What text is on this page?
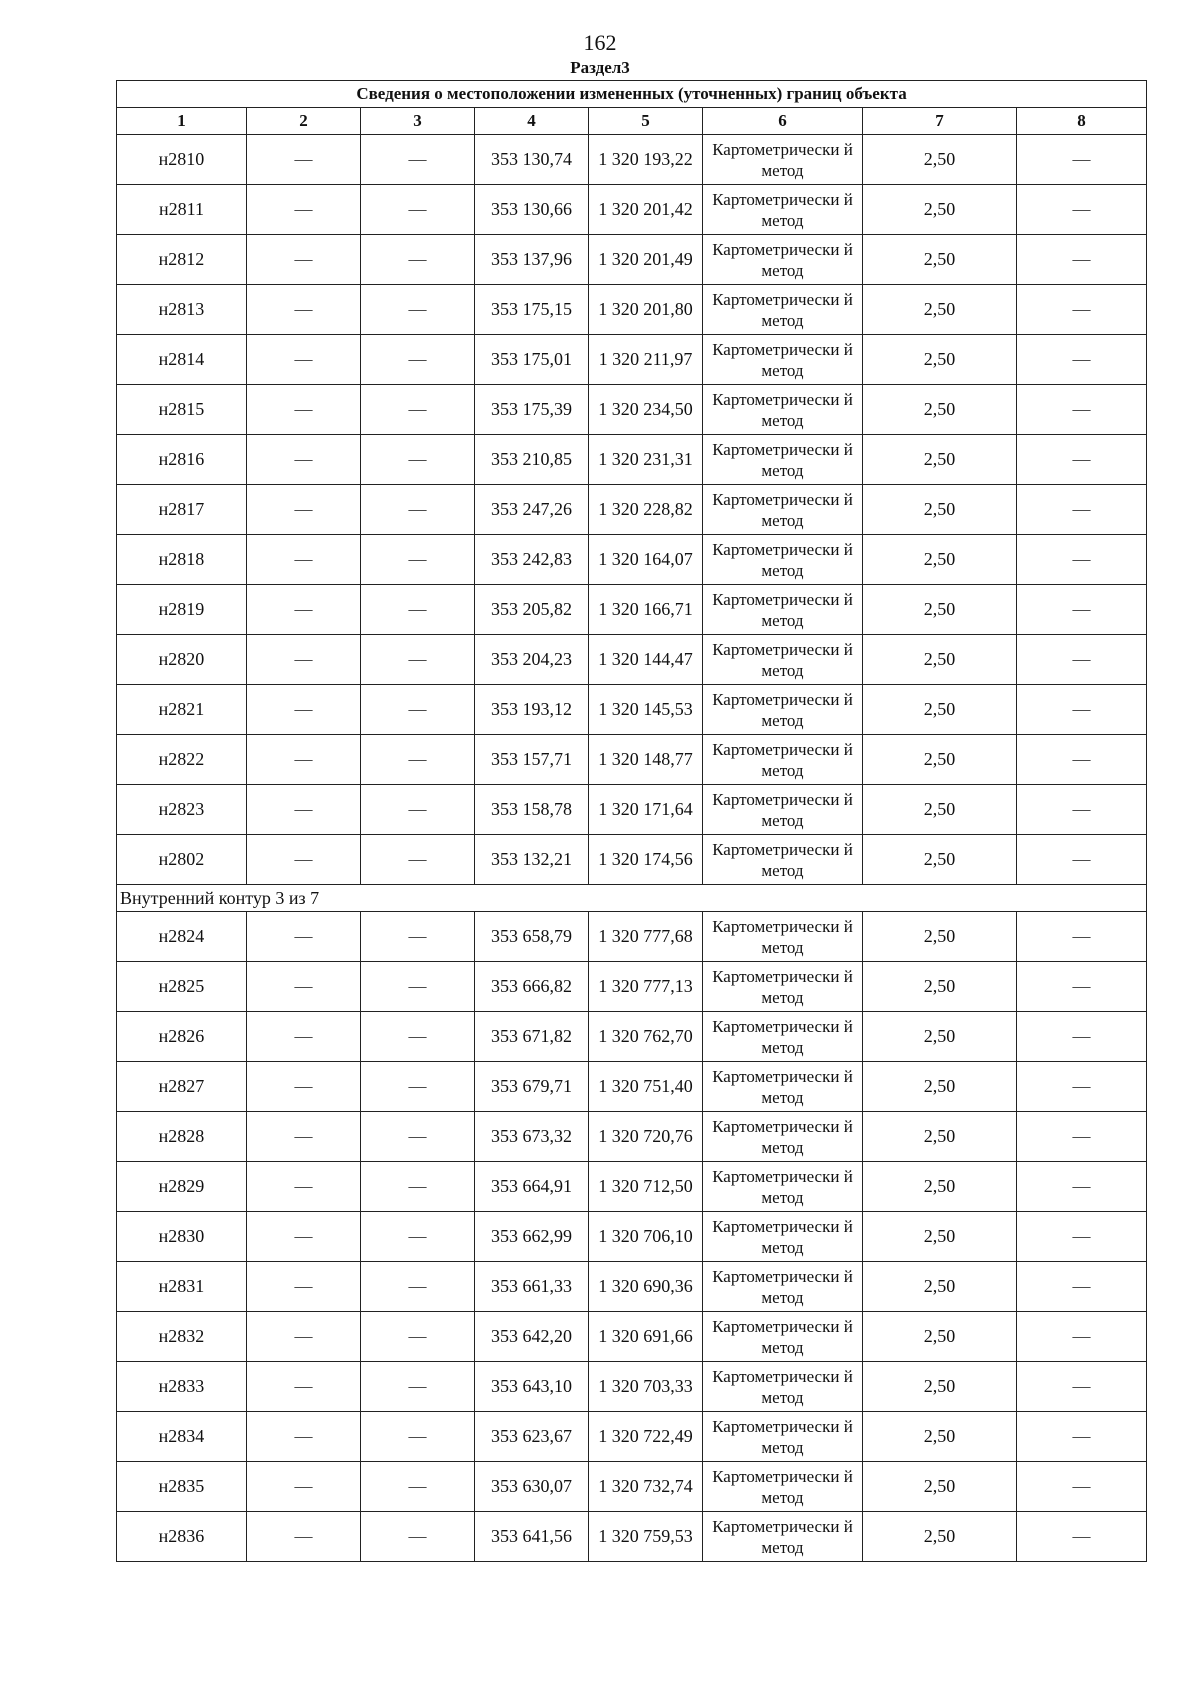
162
Раздел3
Сведения о местоположении измененных (уточненных) границ объекта							
1	2	3	4	5	6	7	8
н2810	—	—	353 130,74	1 320 193,22	Картометрически й метод	2,50	—
н2811	—	—	353 130,66	1 320 201,42	Картометрически й метод	2,50	—
н2812	—	—	353 137,96	1 320 201,49	Картометрически й метод	2,50	—
н2813	—	—	353 175,15	1 320 201,80	Картометрически й метод	2,50	—
н2814	—	—	353 175,01	1 320 211,97	Картометрически й метод	2,50	—
н2815	—	—	353 175,39	1 320 234,50	Картометрически й метод	2,50	—
н2816	—	—	353 210,85	1 320 231,31	Картометрически й метод	2,50	—
н2817	—	—	353 247,26	1 320 228,82	Картометрически й метод	2,50	—
н2818	—	—	353 242,83	1 320 164,07	Картометрически й метод	2,50	—
н2819	—	—	353 205,82	1 320 166,71	Картометрически й метод	2,50	—
н2820	—	—	353 204,23	1 320 144,47	Картометрически й метод	2,50	—
н2821	—	—	353 193,12	1 320 145,53	Картометрически й метод	2,50	—
н2822	—	—	353 157,71	1 320 148,77	Картометрически й метод	2,50	—
н2823	—	—	353 158,78	1 320 171,64	Картометрически й метод	2,50	—
н2802	—	—	353 132,21	1 320 174,56	Картометрически й метод	2,50	—
Внутренний контур 3 из 7							
н2824	—	—	353 658,79	1 320 777,68	Картометрически й метод	2,50	—
н2825	—	—	353 666,82	1 320 777,13	Картометрически й метод	2,50	—
н2826	—	—	353 671,82	1 320 762,70	Картометрически й метод	2,50	—
н2827	—	—	353 679,71	1 320 751,40	Картометрически й метод	2,50	—
н2828	—	—	353 673,32	1 320 720,76	Картометрически й метод	2,50	—
н2829	—	—	353 664,91	1 320 712,50	Картометрически й метод	2,50	—
н2830	—	—	353 662,99	1 320 706,10	Картометрически й метод	2,50	—
н2831	—	—	353 661,33	1 320 690,36	Картометрически й метод	2,50	—
н2832	—	—	353 642,20	1 320 691,66	Картометрически й метод	2,50	—
н2833	—	—	353 643,10	1 320 703,33	Картометрически й метод	2,50	—
н2834	—	—	353 623,67	1 320 722,49	Картометрически й метод	2,50	—
н2835	—	—	353 630,07	1 320 732,74	Картометрически й метод	2,50	—
н2836	—	—	353 641,56	1 320 759,53	Картометрически й метод	2,50	—
